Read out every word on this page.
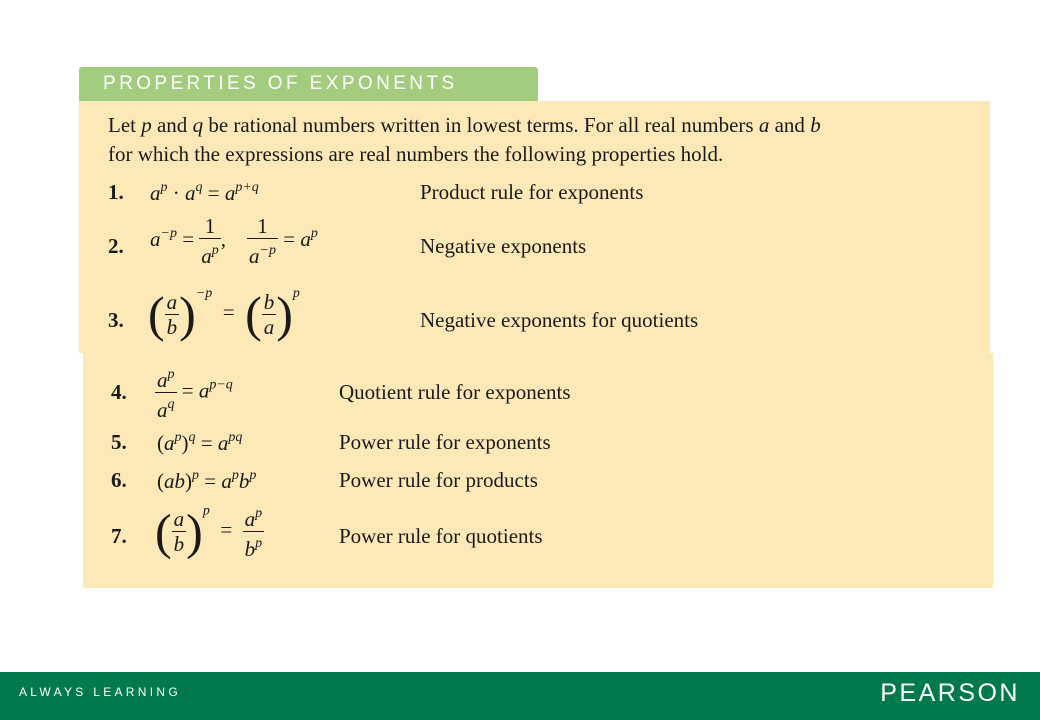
PROPERTIES OF EXPONENTS
Let p and q be rational numbers written in lowest terms. For all real numbers a and b
for which the expressions are real numbers the following properties hold.
1. $a^p \cdot a^q = a^{p+q}$	Product rule for exponents
2. $a^{-p} = \frac{1}{a^p}$ , $\frac{1}{a^{-p}} = a^p$
Negative exponents
3. ( $\frac{a}{b} )^{-p}$  = ( $\frac{b}{a} )^p$
Negative exponents for quotients
4. $\frac{a^p}{a^q} = a^{p-q}$	Quotient rule for exponents
5. $(a^p)^q = a^{pq}$	Power rule for exponents
6. $(ab)^p = a^pb^p$	Power rule for products
7. ( $\frac{a}{b} )^p = \frac{a^p}{b^p}$	Power rule for quotients
ALWAYS LEARNING	PEARSON
